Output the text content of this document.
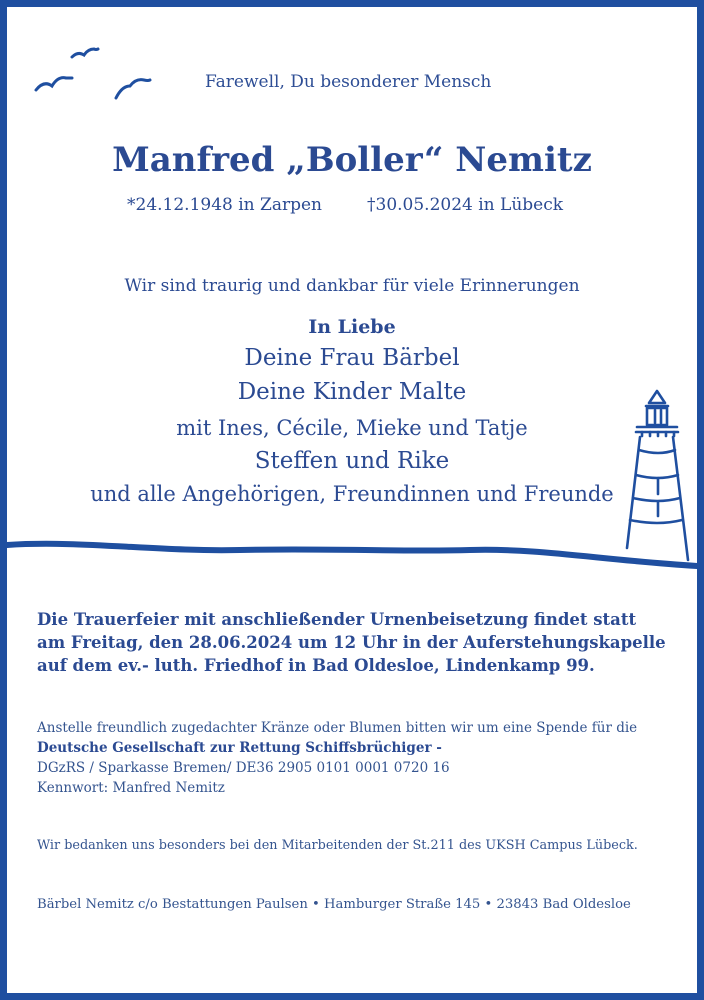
Farewell, Du besonderer Mensch
Manfred „Boller“ Nemitz
*24.12.1948 in Zarpen	†30.05.2024 in Lübeck
Wir sind traurig und dankbar für viele Erinnerungen
In Liebe
Deine Frau Bärbel
Deine Kinder Malte
mit Ines, Cécile, Mieke und Tatje
Steffen und Rike
und alle Angehörigen, Freundinnen und Freunde
Die Trauerfeier mit anschließender Urnenbeisetzung findet statt
am Freitag, den 28.06.2024 um 12 Uhr in der Auferstehungskapelle
auf dem ev.- luth. Friedhof in Bad Oldesloe, Lindenkamp 99.
Anstelle freundlich zugedachter Kränze oder Blumen bitten wir um eine Spende für die
Deutsche Gesellschaft zur Rettung Schiffsbrüchiger -
DGzRS / Sparkasse Bremen/ DE36 2905 0101 0001 0720 16
Kennwort: Manfred Nemitz
Wir bedanken uns besonders bei den Mitarbeitenden der St.211 des UKSH Campus Lübeck.
Bärbel Nemitz c/o Bestattungen Paulsen • Hamburger Straße 145 • 23843 Bad Oldesloe
